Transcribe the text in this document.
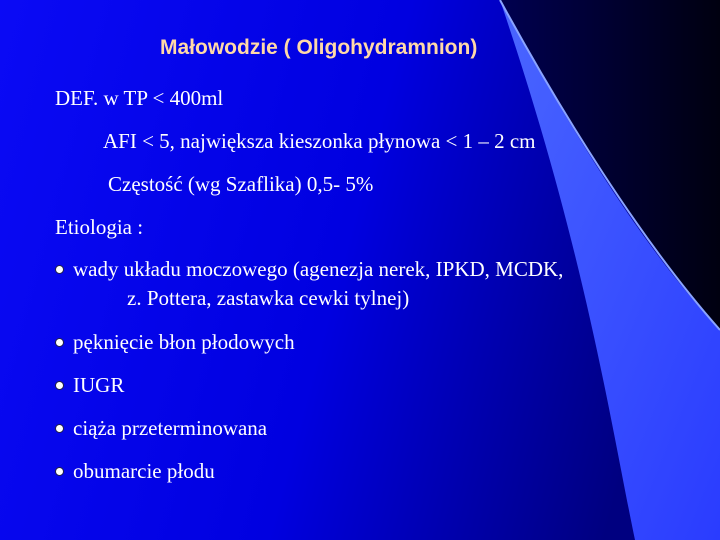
Małowodzie ( Oligohydramnion)
DEF. w TP < 400ml
AFI < 5, największa kieszonka płynowa < 1 – 2 cm
Częstość (wg Szaflika) 0,5- 5%
Etiologia :
wady układu moczowego (agenezja nerek, IPKD, MCDK,
z. Pottera, zastawka cewki tylnej)
pęknięcie błon płodowych
IUGR
ciąża przeterminowana
obumarcie płodu
